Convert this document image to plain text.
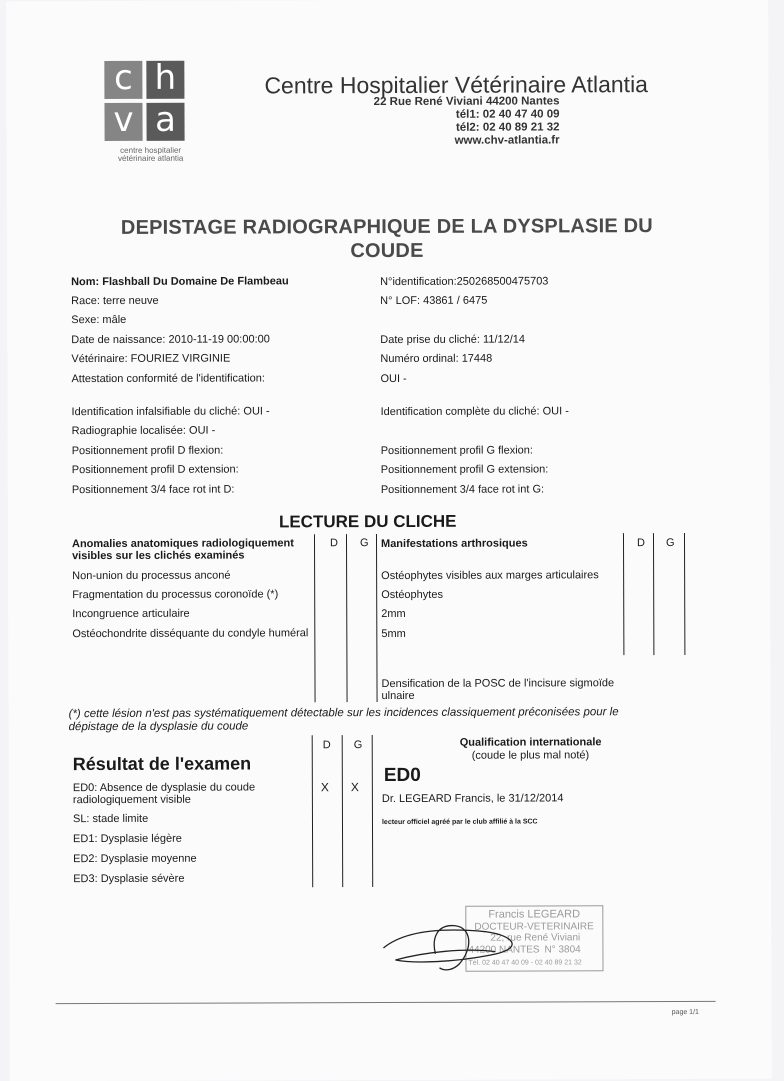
c h
v a
centre hospitalier
vétérinaire atlantia
Centre Hospitalier Vétérinaire Atlantia
22 Rue René Viviani 44200 Nantes
tél1: 02 40 47 40 09
tél2: 02 40 89 21 32
www.chv-atlantia.fr
DEPISTAGE RADIOGRAPHIQUE DE LA DYSPLASIE DU
COUDE
Nom: Flashball Du Domaine De Flambeau
Race: terre neuve
Sexe: mâle
Date de naissance: 2010-11-19 00:00:00
Vétérinaire: FOURIEZ VIRGINIE
Attestation conformité de l'identification:
N°identification:250268500475703
N° LOF: 43861 / 6475
Date prise du cliché: 11/12/14
Numéro ordinal: 17448
OUI -
Identification infalsifiable du cliché: OUI -
Radiographie localisée: OUI -
Positionnement profil D flexion:
Positionnement profil D extension:
Positionnement 3/4 face rot int D:
Identification complète du cliché: OUI -
Positionnement profil G flexion:
Positionnement profil G extension:
Positionnement 3/4 face rot int G:
LECTURE DU CLICHE
Anomalies anatomiques radiologiquement
visibles sur les clichés examinés
D G
Non-union du processus anconé
Fragmentation du processus coronoïde (*)
Incongruence articulaire
Ostéochondrite disséquante du condyle huméral
Manifestations arthrosiques	D G
Ostéophytes visibles aux marges articulaires
Ostéophytes
2mm
5mm
Densification de la POSC de l'incisure sigmoïde
ulnaire
(*) cette lésion n'est pas systématiquement détectable sur les incidences classiquement préconisées pour le
dépistage de la dysplasie du coude
D G
Résultat de l'examen
ED0: Absence de dysplasie du coude
radiologiquement visible
X X
SL: stade limite
ED1: Dysplasie légère
ED2: Dysplasie moyenne
ED3: Dysplasie sévère
Qualification internationale
(coude le plus mal noté)
ED0
Dr. LEGEARD Francis, le 31/12/2014
lecteur officiel agréé par le club affilié à la SCC
Francis LEGEARD
DOCTEUR-VETERINAIRE
22, rue René Viviani
44200 NANTES N° 3804
Tél. 02 40 47 40 09 - 02 40 89 21 32
page 1/1
